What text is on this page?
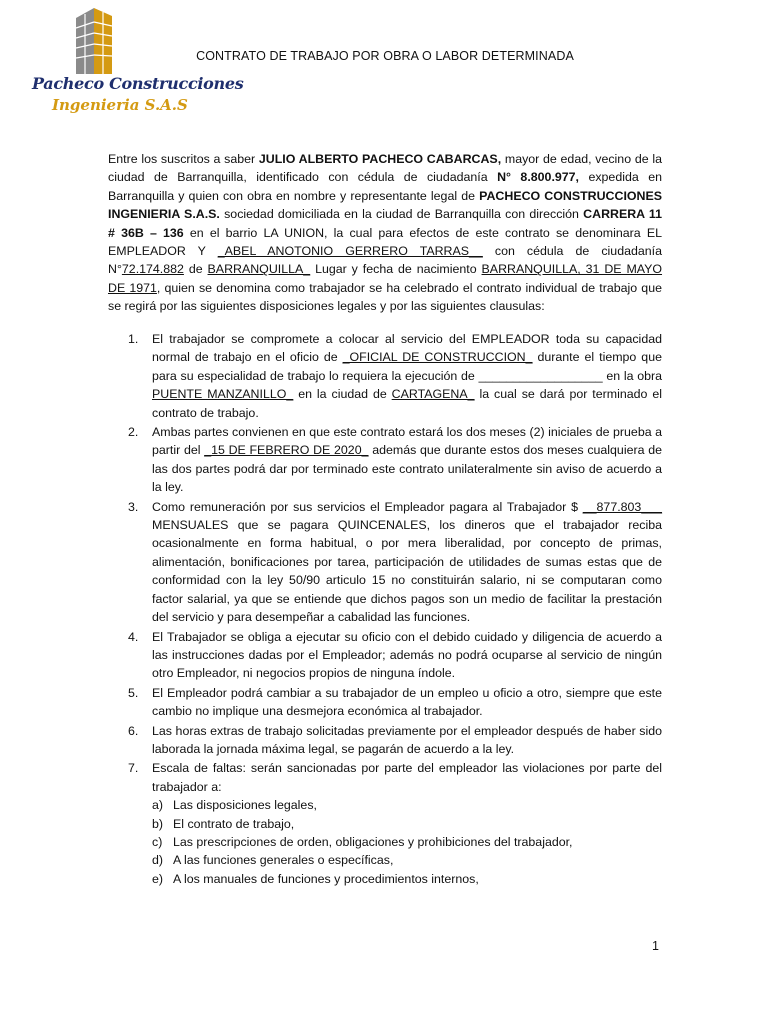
Pacheco Construcciones
Ingenieria S.A.S
CONTRATO DE TRABAJO POR OBRA O LABOR DETERMINADA
Entre los suscritos a saber JULIO ALBERTO PACHECO CABARCAS, mayor de edad, vecino de la ciudad de Barranquilla, identificado con cédula de ciudadanía N° 8.800.977, expedida en Barranquilla y quien con obra en nombre y representante legal de PACHECO CONSTRUCCIONES INGENIERIA S.A.S. sociedad domiciliada en la ciudad de Barranquilla con dirección CARRERA 11 # 36B – 136 en el barrio LA UNION, la cual para efectos de este contrato se denominara EL EMPLEADOR Y _ABEL ANOTONIO GERRERO TARRAS__ con cédula de ciudadanía N°72.174.882 de BARRANQUILLA_ Lugar y fecha de nacimiento BARRANQUILLA, 31 DE MAYO DE 1971, quien se denomina como trabajador se ha celebrado el contrato individual de trabajo que se regirá por las siguientes disposiciones legales y por las siguientes clausulas:
1. El trabajador se compromete a colocar al servicio del EMPLEADOR toda su capacidad normal de trabajo en el oficio de _OFICIAL DE CONSTRUCCION_ durante el tiempo que para su especialidad de trabajo lo requiera la ejecución de __________________ en la obra PUENTE MANZANILLO_ en la ciudad de CARTAGENA_ la cual se dará por terminado el contrato de trabajo.
2. Ambas partes convienen en que este contrato estará los dos meses (2) iniciales de prueba a partir del _15 DE FEBRERO DE 2020_ además que durante estos dos meses cualquiera de las dos partes podrá dar por terminado este contrato unilateralmente sin aviso de acuerdo a la ley.
3. Como remuneración por sus servicios el Empleador pagara al Trabajador $ __877.803___ MENSUALES que se pagara QUINCENALES, los dineros que el trabajador reciba ocasionalmente en forma habitual, o por mera liberalidad, por concepto de primas, alimentación, bonificaciones por tarea, participación de utilidades de sumas estas que de conformidad con la ley 50/90 articulo 15 no constituirán salario, ni se computaran como factor salarial, ya que se entiende que dichos pagos son un medio de facilitar la prestación del servicio y para desempeñar a cabalidad las funciones.
4. El Trabajador se obliga a ejecutar su oficio con el debido cuidado y diligencia de acuerdo a las instrucciones dadas por el Empleador; además no podrá ocuparse al servicio de ningún otro Empleador, ni negocios propios de ninguna índole.
5. El Empleador podrá cambiar a su trabajador de un empleo u oficio a otro, siempre que este cambio no implique una desmejora económica al trabajador.
6. Las horas extras de trabajo solicitadas previamente por el empleador después de haber sido laborada la jornada máxima legal, se pagarán de acuerdo a la ley.
7. Escala de faltas: serán sancionadas por parte del empleador las violaciones por parte del trabajador a:
a) Las disposiciones legales,
b) El contrato de trabajo,
c) Las prescripciones de orden, obligaciones y prohibiciones del trabajador,
d) A las funciones generales o específicas,
e) A los manuales de funciones y procedimientos internos,
1
